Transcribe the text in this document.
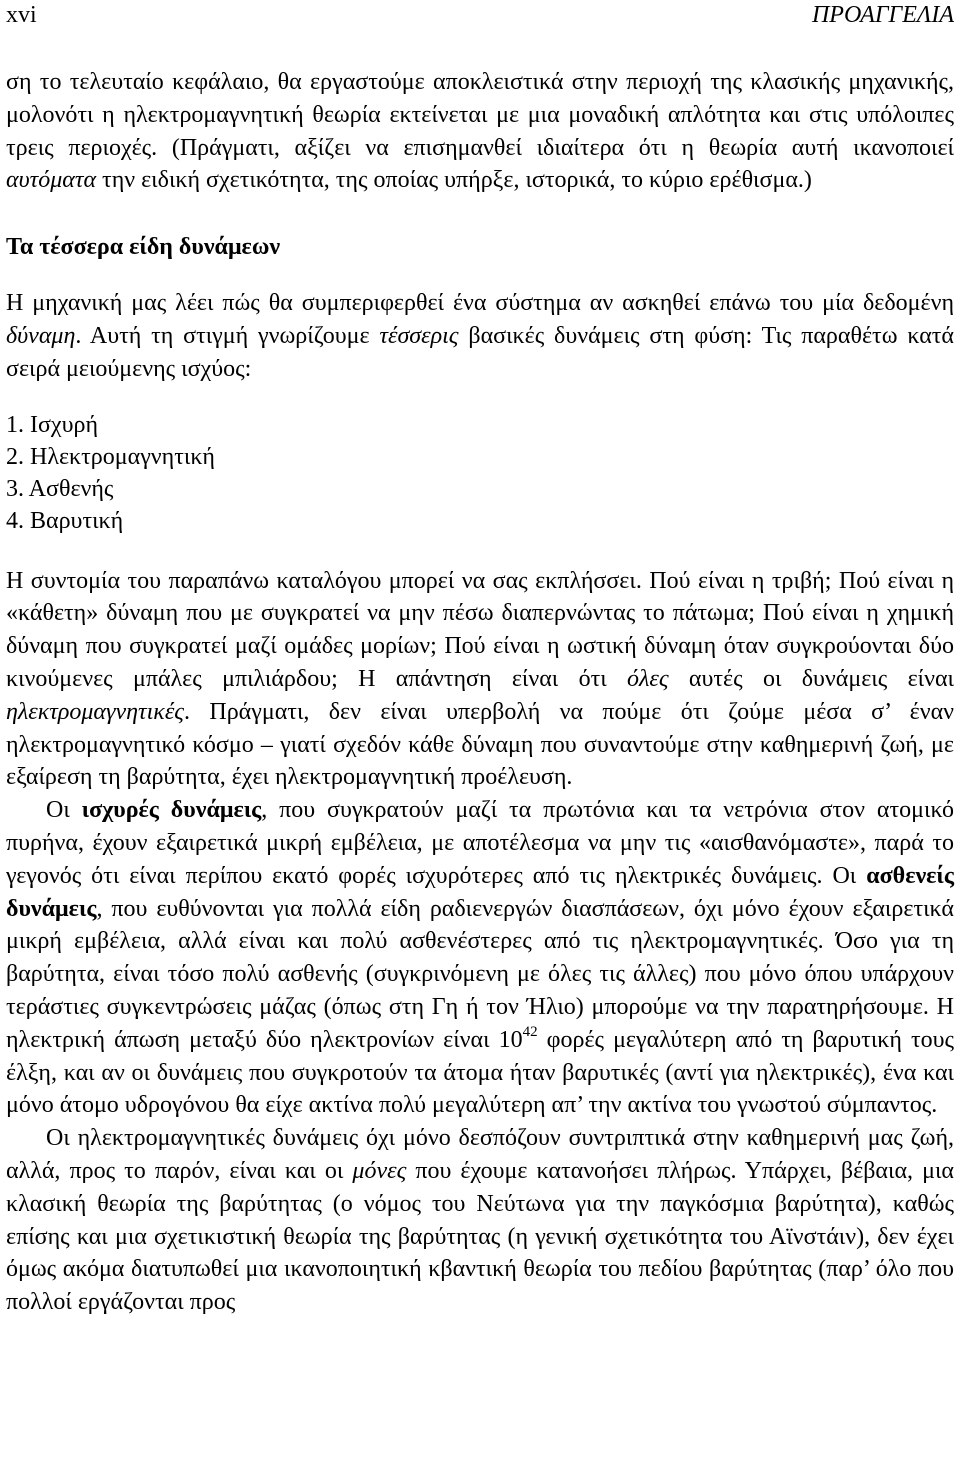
xvi	ΠΡΟΑΓΓΕΛΙΑ

ση το τελευταίο κεφάλαιο, θα εργαστούμε αποκλειστικά στην περιοχή της κλασικής μηχανικής, μολονότι η ηλεκτρομαγνητική θεωρία εκτείνεται με μια μοναδική απλότητα και στις υπόλοιπες τρεις περιοχές. (Πράγματι, αξίζει να επισημανθεί ιδιαίτερα ότι η θεωρία αυτή ικανοποιεί αυτόματα την ειδική σχετικότητα, της οποίας υπήρξε, ιστορικά, το κύριο ερέθισμα.)

Τα τέσσερα είδη δυνάμεων

Η μηχανική μας λέει πώς θα συμπεριφερθεί ένα σύστημα αν ασκηθεί επάνω του μία δεδομένη δύναμη. Αυτή τη στιγμή γνωρίζουμε τέσσερις βασικές δυνάμεις στη φύση: Τις παραθέτω κατά σειρά μειούμενης ισχύος:

1. Ισχυρή
2. Ηλεκτρομαγνητική
3. Ασθενής
4. Βαρυτική

Η συντομία του παραπάνω καταλόγου μπορεί να σας εκπλήσσει. Πού είναι η τριβή; Πού είναι η «κάθετη» δύναμη που με συγκρατεί να μην πέσω διαπερνώντας το πάτωμα; Πού είναι η χημική δύναμη που συγκρατεί μαζί ομάδες μορίων; Πού είναι η ωστική δύναμη όταν συγκρούονται δύο κινούμενες μπάλες μπιλιάρδου; Η απάντηση είναι ότι όλες αυτές οι δυνάμεις είναι ηλεκτρομαγνητικές. Πράγματι, δεν είναι υπερβολή να πούμε ότι ζούμε μέσα σ’ έναν ηλεκτρομαγνητικό κόσμο – γιατί σχεδόν κάθε δύναμη που συναντούμε στην καθημερινή ζωή, με εξαίρεση τη βαρύτητα, έχει ηλεκτρομαγνητική προέλευση.

Οι ισχυρές δυνάμεις, που συγκρατούν μαζί τα πρωτόνια και τα νετρόνια στον ατομικό πυρήνα, έχουν εξαιρετικά μικρή εμβέλεια, με αποτέλεσμα να μην τις «αισθανόμαστε», παρά το γεγονός ότι είναι περίπου εκατό φορές ισχυρότερες από τις ηλεκτρικές δυνάμεις. Οι ασθενείς δυνάμεις, που ευθύνονται για πολλά είδη ραδιενεργών διασπάσεων, όχι μόνο έχουν εξαιρετικά μικρή εμβέλεια, αλλά είναι και πολύ ασθενέστερες από τις ηλεκτρομαγνητικές. Όσο για τη βαρύτητα, είναι τόσο πολύ ασθενής (συγκρινόμενη με όλες τις άλλες) που μόνο όπου υπάρχουν τεράστιες συγκεντρώσεις μάζας (όπως στη Γη ή τον Ήλιο) μπορούμε να την παρατηρήσουμε. Η ηλεκτρική άπωση μεταξύ δύο ηλεκτρονίων είναι $10^{42}$ φορές μεγαλύτερη από τη βαρυτική τους έλξη, και αν οι δυνάμεις που συγκροτούν τα άτομα ήταν βαρυτικές (αντί για ηλεκτρικές), ένα και μόνο άτομο υδρογόνου θα είχε ακτίνα πολύ μεγαλύτερη απ’ την ακτίνα του γνωστού σύμπαντος.

Οι ηλεκτρομαγνητικές δυνάμεις όχι μόνο δεσπόζουν συντριπτικά στην καθημερινή μας ζωή, αλλά, προς το παρόν, είναι και οι μόνες που έχουμε κατανοήσει πλήρως. Υπάρχει, βέβαια, μια κλασική θεωρία της βαρύτητας (ο νόμος του Νεύτωνα για την παγκόσμια βαρύτητα), καθώς επίσης και μια σχετικιστική θεωρία της βαρύτητας (η γενική σχετικότητα του Αϊνστάιν), δεν έχει όμως ακόμα διατυπωθεί μια ικανοποιητική κβαντική θεωρία του πεδίου βαρύτητας (παρ’ όλο που πολλοί εργάζονται προς
